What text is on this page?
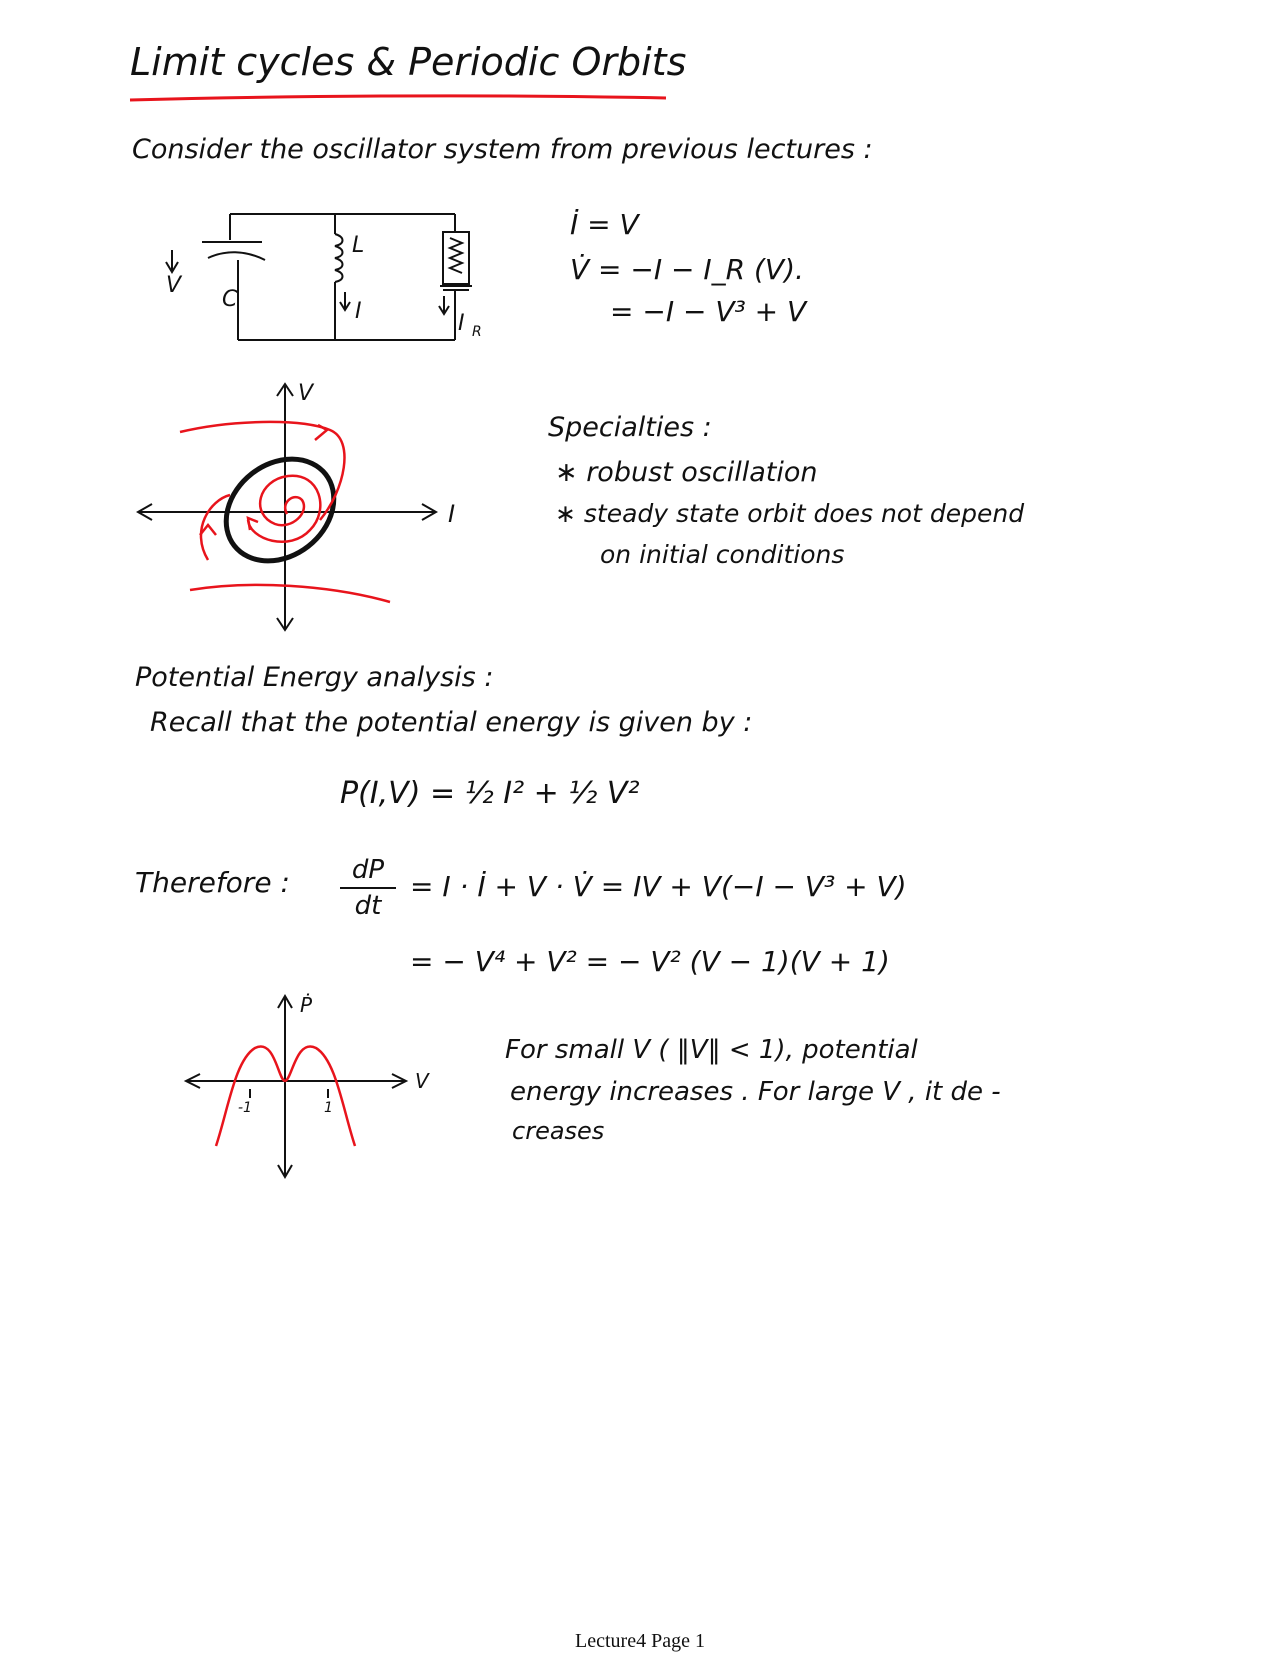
Limit cycles & Periodic Orbits
Consider the oscillator system from previous lectures :
V
C
L
I	I R
İ = V
V̇ = −I − I_R (V).
= −I − V³ + V
V
I
Specialties :
∗ robust oscillation
∗ steady state orbit does not depend
on initial conditions
Potential Energy analysis :
Recall that the potential energy is given by :
P(I,V) = ½ I² + ½ V²
Therefore : $\frac{dP}{dt} = I$ · İ + V · V̇ = IV + V(−I − V³ + V)
= − V⁴ + V² = − V² (V − 1)(V + 1)
Ṗ
V
-1	1
For small V ( ‖V‖ < 1), potential
energy increases . For large V , it de -
creases
Lecture4 Page 1
